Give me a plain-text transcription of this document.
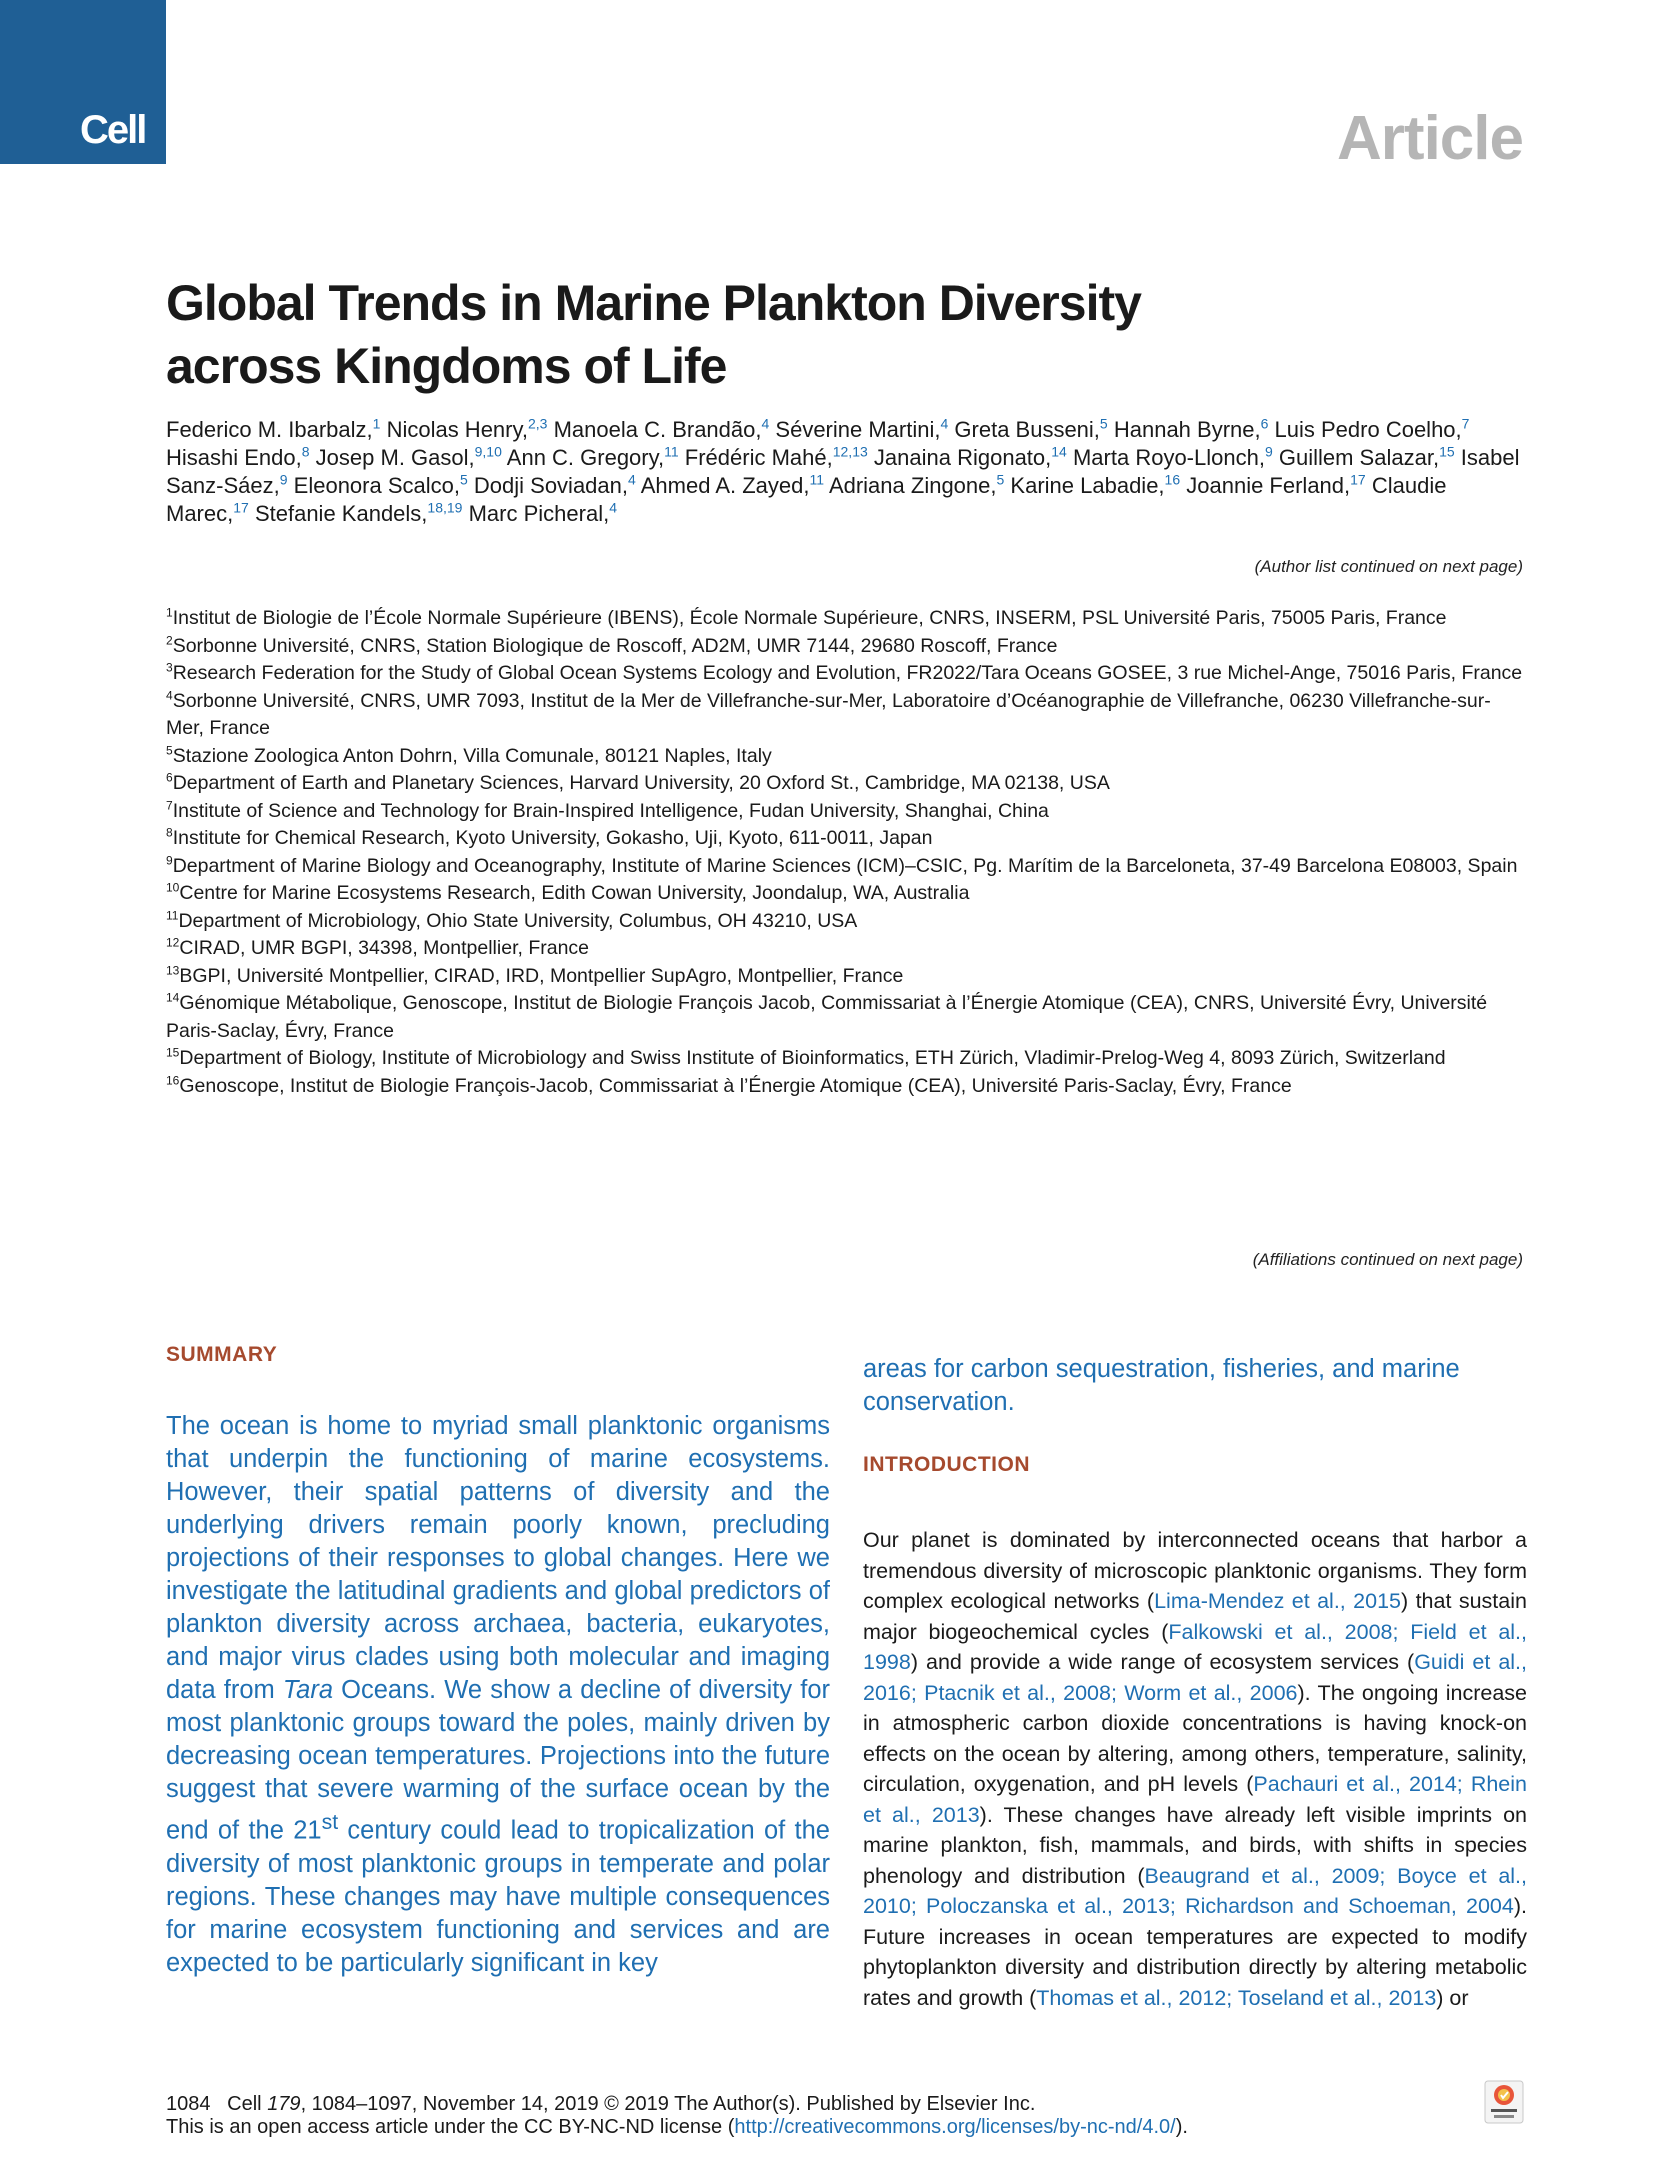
Cell	Article
Global Trends in Marine Plankton Diversity
across Kingdoms of Life
Federico M. Ibarbalz,$^1$ Nicolas Henry,$^{2,3}$ Manoela C. Brandão,$^4$ Séverine Martini,$^4$ Greta Busseni,$^5$ Hannah Byrne,$^6$ Luis Pedro Coelho,$^7$ Hisashi Endo,$^8$ Josep M. Gasol,$^{9,10}$ Ann C. Gregory,$^{11}$ Frédéric Mahé,$^{12,13}$ Janaina Rigonato,$^{14}$ Marta Royo-Llonch,$^9$ Guillem Salazar,$^{15}$ Isabel Sanz-Sáez,$^9$ Eleonora Scalco,$^5$ Dodji Soviadan,$^4$ Ahmed A. Zayed,$^{11}$ Adriana Zingone,$^5$ Karine Labadie,$^{16}$ Joannie Ferland,$^{17}$ Claudie Marec,$^{17}$ Stefanie Kandels,$^{18,19}$ Marc Picheral,$^4$
(Author list continued on next page)

$^1$Institut de Biologie de l’École Normale Supérieure (IBENS), École Normale Supérieure, CNRS, INSERM, PSL Université Paris, 75005 Paris, France

$^2$Sorbonne Université, CNRS, Station Biologique de Roscoff, AD2M, UMR 7144, 29680 Roscoff, France

$^3$Research Federation for the Study of Global Ocean Systems Ecology and Evolution, FR2022/Tara Oceans GOSEE, 3 rue Michel-Ange, 75016 Paris, France

$^4$Sorbonne Université, CNRS, UMR 7093, Institut de la Mer de Villefranche-sur-Mer, Laboratoire d’Océanographie de Villefranche, 06230 Villefranche-sur-Mer, France

$^5$Stazione Zoologica Anton Dohrn, Villa Comunale, 80121 Naples, Italy

$^6$Department of Earth and Planetary Sciences, Harvard University, 20 Oxford St., Cambridge, MA 02138, USA

$^7$Institute of Science and Technology for Brain-Inspired Intelligence, Fudan University, Shanghai, China

$^8$Institute for Chemical Research, Kyoto University, Gokasho, Uji, Kyoto, 611-0011, Japan

$^9$Department of Marine Biology and Oceanography, Institute of Marine Sciences (ICM)–CSIC, Pg. Marítim de la Barceloneta, 37-49 Barcelona E08003, Spain

$^{10}$Centre for Marine Ecosystems Research, Edith Cowan University, Joondalup, WA, Australia

$^{11}$Department of Microbiology, Ohio State University, Columbus, OH 43210, USA

$^{12}$CIRAD, UMR BGPI, 34398, Montpellier, France

$^{13}$BGPI, Université Montpellier, CIRAD, IRD, Montpellier SupAgro, Montpellier, France

$^{14}$Génomique Métabolique, Genoscope, Institut de Biologie François Jacob, Commissariat à l’Énergie Atomique (CEA), CNRS, Université Évry, Université Paris-Saclay, Évry, France

$^{15}$Department of Biology, Institute of Microbiology and Swiss Institute of Bioinformatics, ETH Zürich, Vladimir-Prelog-Weg 4, 8093 Zürich, Switzerland

$^{16}$Genoscope, Institut de Biologie François-Jacob, Commissariat à l’Énergie Atomique (CEA), Université Paris-Saclay, Évry, France

(Affiliations continued on next page)
SUMMARY

The ocean is home to myriad small planktonic organisms that underpin the functioning of marine ecosystems. However, their spatial patterns of diversity and the underlying drivers remain poorly known, precluding projections of their responses to global changes. Here we investigate the latitudinal gradients and global predictors of plankton diversity across archaea, bacteria, eukaryotes, and major virus clades using both molecular and imaging data from Tara Oceans. We show a decline of diversity for most planktonic groups toward the poles, mainly driven by decreasing ocean temperatures. Projections into the future suggest that severe warming of the surface ocean by the end of the 21st century could lead to tropicalization of the diversity of most planktonic groups in temperate and polar regions. These changes may have multiple consequences for marine ecosystem functioning and services and are expected to be particularly significant in key

areas for carbon sequestration, fisheries, and marine conservation.

INTRODUCTION

Our planet is dominated by interconnected oceans that harbor a tremendous diversity of microscopic planktonic organisms. They form complex ecological networks (Lima-Mendez et al., 2015) that sustain major biogeochemical cycles (Falkowski et al., 2008; Field et al., 1998) and provide a wide range of ecosystem services (Guidi et al., 2016; Ptacnik et al., 2008; Worm et al., 2006). The ongoing increase in atmospheric carbon dioxide concentrations is having knock-on effects on the ocean by altering, among others, temperature, salinity, circulation, oxygenation, and pH levels (Pachauri et al., 2014; Rhein et al., 2013). These changes have already left visible imprints on marine plankton, fish, mammals, and birds, with shifts in species phenology and distribution (Beaugrand et al., 2009; Boyce et al., 2010; Poloczanska et al., 2013; Richardson and Schoeman, 2004). Future increases in ocean temperatures are expected to modify phytoplankton diversity and distribution directly by altering metabolic rates and growth (Thomas et al., 2012; Toseland et al., 2013) or

1084 Cell 179, 1084–1097, November 14, 2019 © 2019 The Author(s). Published by Elsevier Inc.
This is an open access article under the CC BY-NC-ND license (http://creativecommons.org/licenses/by-nc-nd/4.0/).
